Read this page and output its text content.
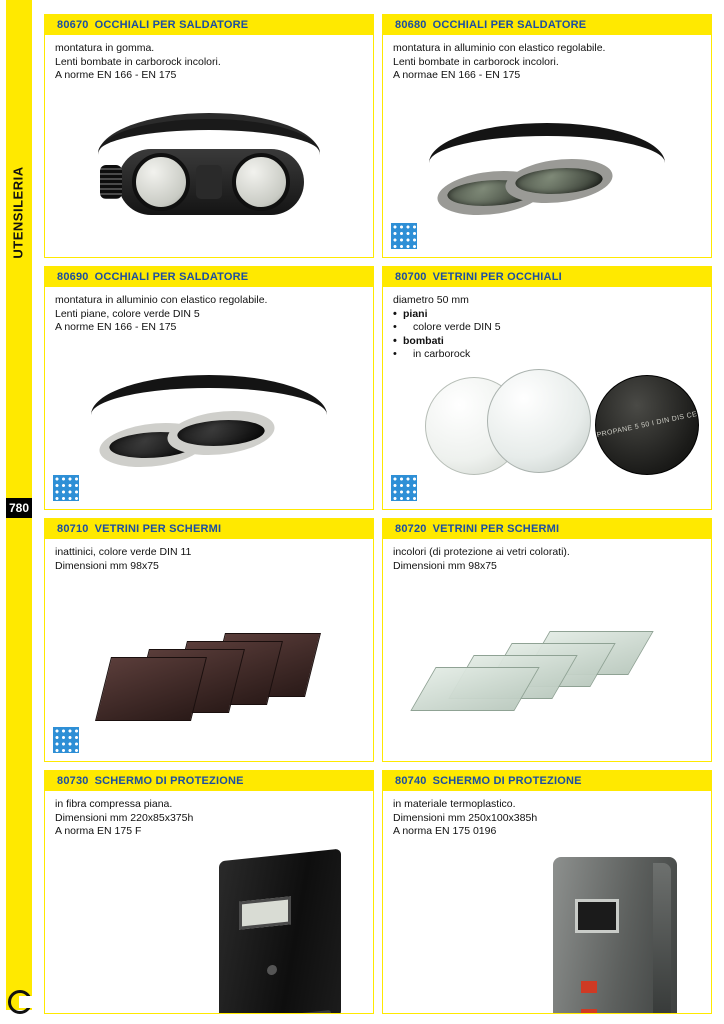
UTENSILERIA
780
80670 OCCHIALI PER SALDATORE
montatura in gomma.
Lenti bombate in carborock incolori.
A norme EN 166 - EN 175
80680 OCCHIALI PER SALDATORE
montatura in alluminio con elastico regolabile.
Lenti bombate in carborock incolori.
A normae EN 166 - EN 175
80690 OCCHIALI PER SALDATORE
montatura in alluminio con elastico regolabile.
Lenti piane, colore verde DIN 5
A norme EN 166 - EN 175
80700 VETRINI PER OCCHIALI
diametro 50 mm
• piani
• colore verde DIN 5
• bombati
• in carborock
PROPANE 5 50 I DIN DIS CE
80710 VETRINI PER SCHERMI
inattinici, colore verde DIN 11
Dimensioni mm 98x75
80720 VETRINI PER SCHERMI
incolori (di protezione ai vetri colorati).
Dimensioni mm 98x75
80730 SCHERMO DI PROTEZIONE
in fibra compressa piana.
Dimensioni mm 220x85x375h
A norma EN 175 F
80740 SCHERMO DI PROTEZIONE
in materiale termoplastico.
Dimensioni mm 250x100x385h
A norma EN 175 0196
